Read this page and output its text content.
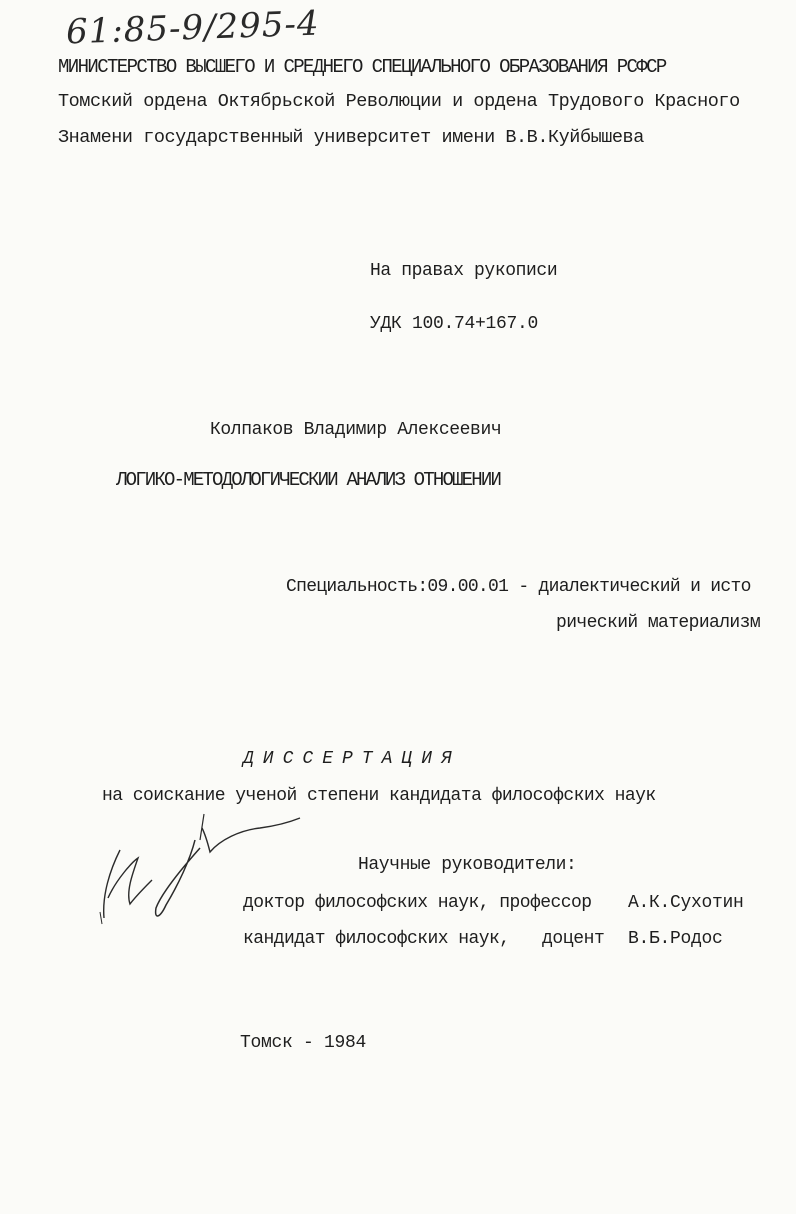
61:85-9/295-4
МИНИСТЕРСТВО ВЫСШЕГО И СРЕДНЕГО СПЕЦИАЛЬНОГО ОБРАЗОВАНИЯ РСФСР
Томский ордена Октябрьской Революции и ордена Трудового Красного
Знамени государственный университет имени В.В.Куйбышева
На правах рукописи
УДК 100.74+167.0
Колпаков Владимир Алексеевич
ЛОГИКО-МЕТОДОЛОГИЧЕСКИИ АНАЛИЗ ОТНОШЕНИИ
Специальность:09.00.01 - диалектический и исто
рический материализм
ДИССЕРТАЦИЯ
на соискание ученой степени кандидата философских наук
Научные руководители:
доктор философских наук, профессор А.К.Сухотин
кандидат философских наук, доцент В.Б.Родос
Томск - 1984
